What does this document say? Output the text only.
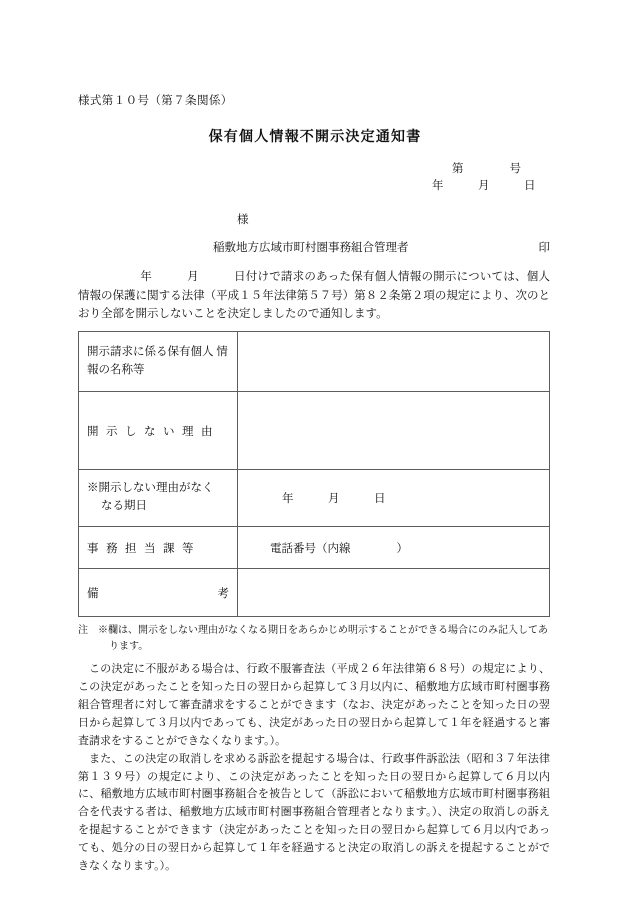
様式第１０号（第７条関係）
保有個人情報不開示決定通知書
第　　　　号
年　　　月　　　日
様
稲敷地方広域市町村圏事務組合管理者	印
年　　　月　　　日付けで請求のあった保有個人情報の開示については、個人情報の保護に関する法律（平成１５年法律第５７号）第８２条第２項の規定により、次のとおり全部を開示しないことを決定しましたので通知します。
開示請求に係る保有個人 情報の名称等	
開示しない理由	
※開示しない理由がなく
なる期日	年　　　月　　　日
事務担当課等	電話番号（内線　　　　）

備 考	

注　 ※欄は、開示をしない理由がなくなる期日をあらかじめ明示することができる場合にのみ記入してあります。

この決定に不服がある場合は、行政不服審査法（平成２６年法律第６８号）の規定により、この決定があったことを知った日の翌日から起算して３月以内に、稲敷地方広域市町村圏事務組合管理者に対して審査請求をすることができます（なお、決定があったことを知った日の翌日から起算して３月以内であっても、決定があった日の翌日から起算して１年を経過すると審査請求をすることができなくなります。）。

また、この決定の取消しを求める訴訟を提起する場合は、行政事件訴訟法（昭和３７年法律第１３９号）の規定により、この決定があったことを知った日の翌日から起算して６月以内に、稲敷地方広域市町村圏事務組合を被告として（訴訟において稲敷地方広域市町村圏事務組合を代表する者は、稲敷地方広域市町村圏事務組合管理者となります。）、決定の取消しの訴えを提起することができます（決定があったことを知った日の翌日から起算して６月以内であっても、処分の日の翌日から起算して１年を経過すると決定の取消しの訴えを提起することができなくなります。）。
